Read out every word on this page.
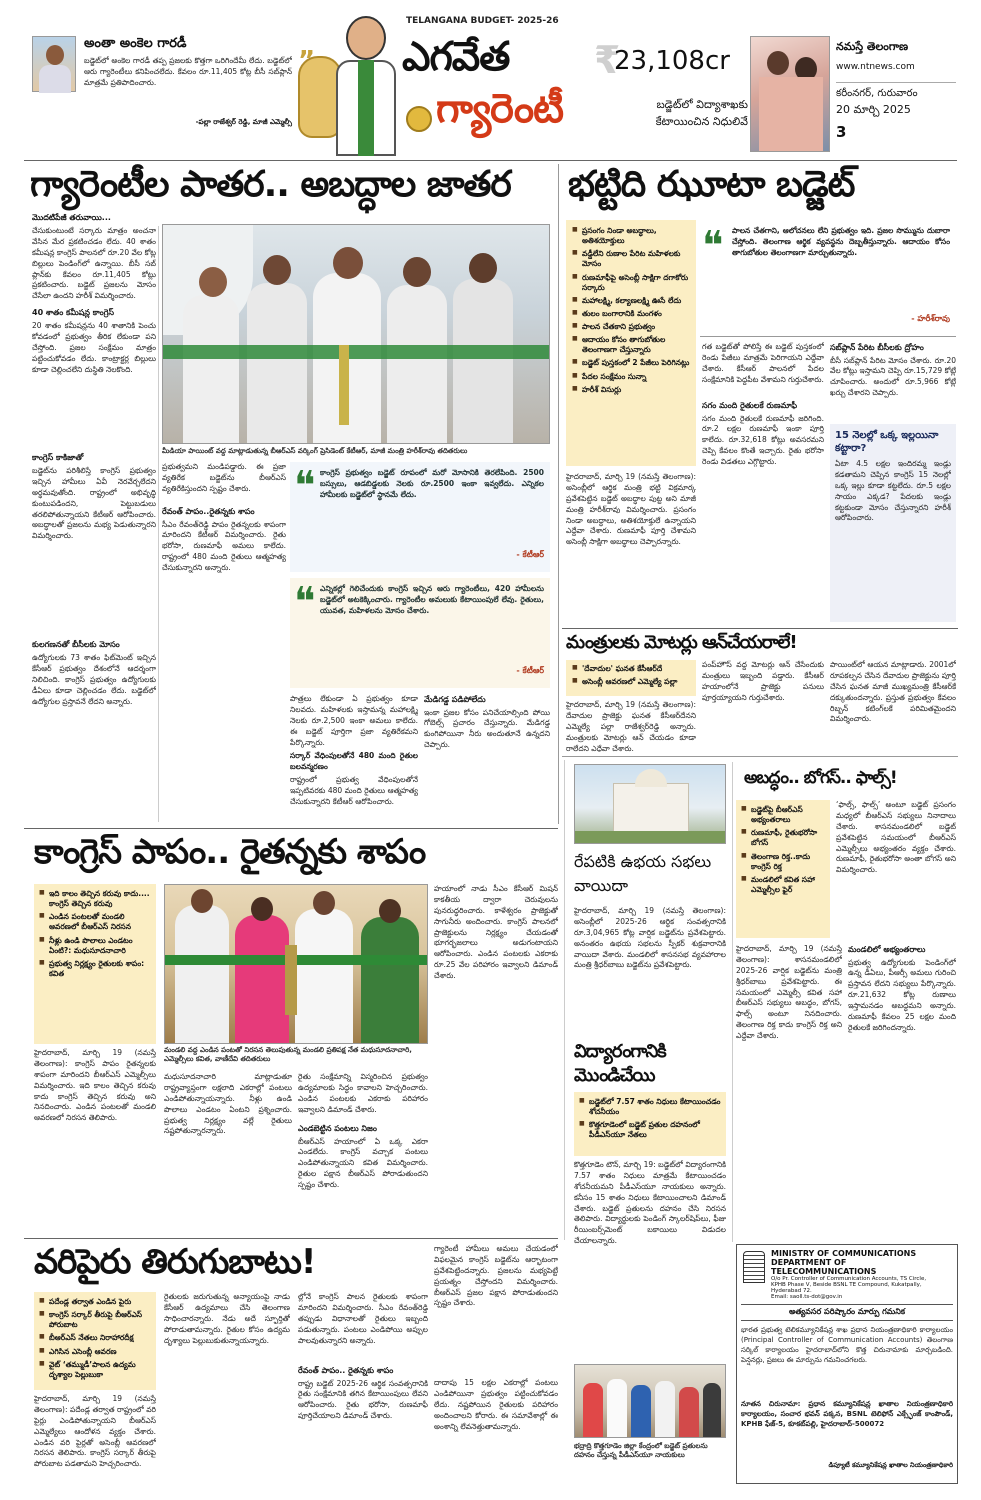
అంతా అంకెల గారడీ
బడ్జెట్‌లో అంకెల గారడీ తప్ప ప్రజలకు కొత్తగా ఒరిగిందేమీ లేదు. బడ్జెట్‌లో ఆరు గ్యారెంటీలు కనిపించలేదు. కేవలం రూ.11,405 కోట్ల బీసీ సబ్‌ప్లాన్ మాత్రమే ప్రతిపాదించారు.
-పల్లా రాజేశ్వర్ రెడ్డి, మాజీ ఎమ్మెల్సీ
”
TELANGANA BUDGET- 2025-26
ఎగవేత
గ్యారెంటీ
₹
23,108cr
బడ్జెట్‌లో విద్యాశాఖకు కేటాయించిన నిధులివే
నమస్తే తెలంగాణ
www.ntnews.com
కరీంనగర్, గురువారం
20 మార్చి 2025
3
గ్యారెంటీల పాతర.. అబద్ధాల జాతర
మొదటిపేజీ తరువాయి...
చేసుకుంటుంటే సర్కారు మాత్రం అంచనా వేసిన మేర ప్రకటించడం లేదు. 40 శాతం కమీషన్ల కాంగ్రెస్ పాలనలో రూ.20 వేల కోట్ల బిల్లులు పెండింగ్‌లో ఉన్నాయి. బీసీ సబ్ ప్లాన్‌కు కేవలం రూ.11,405 కోట్లు ప్రకటించారు. బడ్జెట్ ప్రజలను మోసం చేసేలా ఉందని హరీశ్ విమర్శించారు.
40 శాతం కమీషన్ల కాంగ్రెస్
20 శాతం కమీషన్లను 40 శాతానికి పెంచు కోవడంలో ప్రభుత్వం తీరిక లేకుండా పని చేస్తోంది. ప్రజల సంక్షేమం మాత్రం పట్టించుకోవడం లేదు. కాంట్రాక్టర్ల బిల్లులు కూడా చెల్లించలేని దుస్థితి నెలకొంది.
కాంగ్రెస్ కాకిజాతో
బడ్జెట్‌ను పరిశీలిస్తే కాంగ్రెస్ ప్రభుత్వం ఇచ్చిన హామీలు ఏవీ నెరవేర్చలేదని అర్థమవుతోంది. రాష్ట్రంలో అభివృద్ధి కుంటుపడిందని, పెట్టుబడులు తరలిపోతున్నాయని కేటీఆర్ ఆరోపించారు. అబద్ధాలతో ప్రజలను మభ్య పెడుతున్నారని విమర్శించారు.
కులగణనతో బీసీలకు మోసం
ఉద్యోగులకు 73 శాతం ఫిట్‌మెంట్ ఇచ్చిన కేసీఆర్ ప్రభుత్వం దేశంలోనే ఆదర్శంగా నిలిచింది. కాంగ్రెస్ ప్రభుత్వం ఉద్యోగులకు డీఏలు కూడా చెల్లించడం లేదు. బడ్జెట్‌లో ఉద్యోగుల ప్రస్తావనే లేదని అన్నారు.
మీడియా పాయింట్ వద్ద మాట్లాడుతున్న బీఆర్‌ఎస్ వర్కింగ్ ప్రెసిడెంట్ కేటీఆర్, మాజీ మంత్రి హరీశ్‌రావు తదితరులు
ప్రభుత్వమని మండిపడ్డారు. ఈ ప్రజా వ్యతిరేక బడ్జెట్‌ను బీఆర్‌ఎస్ వ్యతిరేకిస్తుందని స్పష్టం చేశారు.
రేవంత్ పాపం..రైతన్నకు శాపం
సీఎం రేవంత్‌రెడ్డి పాపం రైతన్నలకు శాపంగా మారిందని కేటీఆర్ విమర్శించారు. రైతు భరోసా, రుణమాఫీ అమలు కాలేదు. రాష్ట్రంలో 480 మంది రైతులు ఆత్మహత్య చేసుకున్నారని అన్నారు.
❝ కాంగ్రెస్ ప్రభుత్వం బడ్జెట్ రూపంలో మరో మోసానికి తెరలేపింది. 2500 బస్సులు, ఆడబిడ్డలకు నెలకు రూ.2500 ఇంకా ఇవ్వలేదు. ఎన్నికల హామీలకు బడ్జెట్‌లో స్థానమే లేదు.
- కేటీఆర్
❝ ఎన్నికల్లో గెలిచేందుకు కాంగ్రెస్ ఇచ్చిన ఆరు గ్యారెంటీలు, 420 హామీలను బడ్జెట్‌లో అటకెక్కించారు. గ్యారెంటీల అమలుకు కేటాయింపులే లేవు. రైతులు, యువత, మహిళలను మోసం చేశారు.
- కేటీఆర్
పాత్రలు లేకుండా ఏ ప్రభుత్వం కూడా నిలవదు. మహిళలకు ఇస్తామన్న మహాలక్ష్మి నెలకు రూ.2,500 ఇంకా అమలు కాలేదు. ఈ బడ్జెట్ పూర్తిగా ప్రజా వ్యతిరేకమని పేర్కొన్నారు.
సర్కార్ వేధింపులతోనే 480 మంది రైతుల బలవన్మరణం
రాష్ట్రంలో ప్రభుత్వ వేధింపులతోనే ఇప్పటివరకు 480 మంది రైతులు ఆత్మహత్య చేసుకున్నారని కేటీఆర్ ఆరోపించారు.
మేడిగడ్డ పడిపోలేదు
ఇంకా ప్రజల కోసం పనిచేయాల్సింది పోయి గోబెల్స్ ప్రచారం చేస్తున్నారు. మేడిగడ్డ కుంగిపోయినా నీరు అందుతూనే ఉన్నదని చెప్పారు.
భట్టిది ఝూటా బడ్జెట్
■ ప్రసంగం నిండా అబద్ధాలు, అతిశయోక్తులు
■ వడ్డీలేని రుణాల పేరిట మహిళలకు మోసం
■ రుణమాఫీపై అసెంబ్లీ సాక్షిగా దగాకోరు సర్కారు
■ మహాలక్ష్మి, కల్యాణలక్ష్మి ఊసే లేదు
■ తులం బంగారానికి మంగళం
■ పాలన చేతకాని ప్రభుత్వం
■ ఆదాయం కోసం తాగుబోతుల తెలంగాణగా చేస్తున్నారు
■ బడ్జెట్ పుస్తకంలో 2 పేజీలు పెరిగినట్లు
■ పేదల సంక్షేమం సున్నా
■ హరీశ్ విసుర్లు
❝ పాలన చేతగాని, ఆలోచనలు లేని ప్రభుత్వం ఇది. ప్రజల సొమ్మును దుబారా చేస్తోంది. తెలంగాణ ఆర్థిక వ్యవస్థను దెబ్బతీస్తున్నారు. ఆదాయం కోసం తాగుబోతుల తెలంగాణగా మార్చుతున్నారు.
- హరీశ్‌రావు
హైదరాబాద్, మార్చి 19 (నమస్తే తెలంగాణ): అసెంబ్లీలో ఆర్థిక మంత్రి భట్టి విక్రమార్క ప్రవేశపెట్టిన బడ్జెట్ అబద్ధాల పుట్ట అని మాజీ మంత్రి హరీశ్‌రావు విమర్శించారు. ప్రసంగం నిండా అబద్ధాలు, అతిశయోక్తులే ఉన్నాయని ఎద్దేవా చేశారు. రుణమాఫీ పూర్తి చేశామని అసెంబ్లీ సాక్షిగా అబద్ధాలు చెప్పారన్నారు.
గత బడ్జెట్‌తో పోలిస్తే ఈ బడ్జెట్ పుస్తకంలో రెండు పేజీలు మాత్రమే పెరిగాయని ఎద్దేవా చేశారు. కేసీఆర్ పాలనలో పేదల సంక్షేమానికి పెద్దపీట వేశామని గుర్తుచేశారు.
సగం మంది రైతులకే రుణమాఫీ
సగం మంది రైతులకే రుణమాఫీ జరిగింది. రూ.2 లక్షల రుణమాఫీ ఇంకా పూర్తి కాలేదు. రూ.32,618 కోట్లు అవసరమని చెప్పి కేవలం కొంతే ఇచ్చారు. రైతు భరోసా రెండు విడతలు ఎగ్గొట్టారు.
సబ్‌ప్లాన్ పేరిట బీసీలకు ద్రోహం
బీసీ సబ్‌ప్లాన్ పేరిట మోసం చేశారు. రూ.20 వేల కోట్లు ఇస్తామని చెప్పి రూ.15,729 కోట్లే చూపించారు. అందులో రూ.5,966 కోట్లే ఖర్చు చేశారని చెప్పారు.
15 నెలల్లో ఒక్క ఇల్లయినా కట్టారా?
ఏటా 4.5 లక్షల ఇందిరమ్మ ఇండ్లు కడతామని చెప్పిన కాంగ్రెస్ 15 నెలల్లో ఒక్క ఇల్లు కూడా కట్టలేదు. రూ.5 లక్షల సాయం ఎక్కడ? పేదలకు ఇండ్లు కట్టకుండా మోసం చేస్తున్నారని హరీశ్ ఆరోపించారు.
మంత్రులకు మోటర్లు ఆన్‌చేయరాలే!
■ 'దేవాదుల' ఘనత కేసీఆర్‌దే
■ అసెంబ్లీ ఆవరణలో ఎమ్మెల్యే పల్లా
హైదరాబాద్, మార్చి 19 (నమస్తే తెలంగాణ): దేవాదుల ప్రాజెక్టు ఘనత కేసీఆర్‌దేనని ఎమ్మెల్యే పల్లా రాజేశ్వర్‌రెడ్డి అన్నారు. మంత్రులకు మోటర్లు ఆన్ చేయడం కూడా రాలేదని ఎద్దేవా చేశారు.
పంప్‌హౌస్ వద్ద మోటర్లు ఆన్ చేసేందుకు మంత్రులు ఇబ్బంది పడ్డారు. కేసీఆర్ హయాంలోనే ప్రాజెక్టు పనులు పూర్తయ్యాయని గుర్తుచేశారు.
పాయింట్‌లో ఆయన మాట్లాడారు. 2001లో రూపకల్పన చేసిన దేవాదుల ప్రాజెక్టును పూర్తి చేసిన ఘనత మాజీ ముఖ్యమంత్రి కేసీఆర్‌కే దక్కుతుందన్నారు. ప్రస్తుత ప్రభుత్వం కేవలం రిబ్బన్ కటింగ్‌లకే పరిమితమైందని విమర్శించారు.
రేపటికి ఉభయ సభలు వాయిదా
హైదరాబాద్, మార్చి 19 (నమస్తే తెలంగాణ): అసెంబ్లీలో 2025-26 ఆర్థిక సంవత్సరానికి రూ.3,04,965 కోట్ల వార్షిక బడ్జెట్‌ను ప్రవేశపెట్టారు. అనంతరం ఉభయ సభలను స్పీకర్ శుక్రవారానికి వాయిదా వేశారు. మండలిలో శాసనసభ వ్యవహారాల మంత్రి శ్రీధర్‌బాబు బడ్జెట్‌ను ప్రవేశపెట్టారు.
అబద్ధం.. బోగస్.. ఫాల్స్!
■ బడ్జెట్‌పై బీఆర్‌ఎస్ అభ్యంతరాలు
■ రుణమాఫీ, రైతుభరోసా బోగస్
■ తెలంగాణ రిక్త..కాదు కాంగ్రెస్ రిక్త
■ మండలిలో కవిత సహా ఎమ్మెల్సీల ఫైర్
‘ఫాల్స్, ఫాల్స్’ అంటూ బడ్జెట్ ప్రసంగం మధ్యలో బీఆర్‌ఎస్ సభ్యులు నినాదాలు చేశారు. శాసనమండలిలో బడ్జెట్ ప్రవేశపెట్టిన సమయంలో బీఆర్‌ఎస్ ఎమ్మెల్సీలు అభ్యంతరం వ్యక్తం చేశారు. రుణమాఫీ, రైతుభరోసా అంతా బోగస్ అని విమర్శించారు.
హైదరాబాద్, మార్చి 19 (నమస్తే తెలంగాణ): శాసనమండలిలో 2025-26 వార్షిక బడ్జెట్‌ను మంత్రి శ్రీధర్‌బాబు ప్రవేశపెట్టారు. ఈ సమయంలో ఎమ్మెల్సీ కవిత సహా బీఆర్‌ఎస్ సభ్యులు అబద్ధం, బోగస్, ఫాల్స్ అంటూ నినదించారు. తెలంగాణ రిక్త కాదు కాంగ్రెస్ రిక్త అని ఎద్దేవా చేశారు.
మండలిలో అభ్యంతరాలు
ప్రభుత్వ ఉద్యోగులకు పెండింగ్‌లో ఉన్న డీఏలు, పీఆర్సీ అమలు గురించి ప్రస్తావన లేదని సభ్యులు పేర్కొన్నారు. రూ.21,632 కోట్ల రుణాలు ఇస్తామనడం అబద్ధమని అన్నారు. రుణమాఫీ కేవలం 25 లక్షల మంది రైతులకే జరిగిందన్నారు.
కాంగ్రెస్ పాపం.. రైతన్నకు శాపం
■ ఇది కాలం తెచ్చిన కరువు కాదు.... కాంగ్రెస్ తెచ్చిన కరువు
■ ఎండిన పంటలతో మండలి ఆవరణలో బీఆర్‌ఎస్ నిరసన
■ నీళ్లు ఉండి పొలాలు ఎండటం ఏంటి?: మధుసూదనాచారి
■ ప్రభుత్వ నిర్లక్ష్యం రైతులకు శాపం: కవిత
మండలి వద్ద ఎండిన పంటతో నిరసన తెలుపుతున్న మండలి ప్రతిపక్ష నేత మధుసూదనాచారి, ఎమ్మెల్సీలు కవిత, వాణీదేవి తదితరులు
హైదరాబాద్, మార్చి 19 (నమస్తే తెలంగాణ): కాంగ్రెస్ పాపం రైతన్నలకు శాపంగా మారిందని బీఆర్‌ఎస్ ఎమ్మెల్సీలు విమర్శించారు. ఇది కాలం తెచ్చిన కరువు కాదు కాంగ్రెస్ తెచ్చిన కరువు అని నినదించారు. ఎండిన పంటలతో మండలి ఆవరణలో నిరసన తెలిపారు.
మధుసూదనాచారి మాట్లాడుతూ రాష్ట్రవ్యాప్తంగా లక్షలాది ఎకరాల్లో పంటలు ఎండిపోతున్నాయన్నారు. నీళ్లు ఉండి పొలాలు ఎండటం ఏంటని ప్రశ్నించారు. ప్రభుత్వ నిర్లక్ష్యం వల్లే రైతులు నష్టపోతున్నారన్నారు.
రైతు సంక్షేమాన్ని విస్మరించిన ప్రభుత్వం ఉద్యమాలకు సిద్ధం కావాలని హెచ్చరించారు. ఎండిన పంటలకు ఎకరాకు పరిహారం ఇవ్వాలని డిమాండ్ చేశారు.
ఎండబెట్టిన పంటలు నిజం
బీఆర్‌ఎస్ హయాంలో ఏ ఒక్క ఎకరా ఎండలేదు. కాంగ్రెస్ వచ్చాక పంటలు ఎండిపోతున్నాయని కవిత విమర్శించారు. రైతుల పక్షాన బీఆర్‌ఎస్ పోరాడుతుందని స్పష్టం చేశారు.
హయాంలో నాడు సీఎం కేసీఆర్ మిషన్ కాకతీయ ద్వారా చెరువులను పునరుద్ధరించారు. కాళేశ్వరం ప్రాజెక్టుతో సాగునీరు అందించారు. కాంగ్రెస్ పాలనలో ప్రాజెక్టులను నిర్లక్ష్యం చేయడంతో భూగర్భజలాలు అడుగంటాయని ఆరోపించారు. ఎండిన పంటలకు ఎకరాకు రూ.25 వేల పరిహారం ఇవ్వాలని డిమాండ్ చేశారు.
విద్యారంగానికి మొండిచేయి
■ బడ్జెట్‌లో 7.57 శాతం నిధులు కేటాయించడం శోచనీయం
■ కొత్తగూడెంలో బడ్జెట్ ప్రతుల దహనంలో పీడీఎస్‌యూ నేతలు
కొత్తగూడెం టౌన్, మార్చి 19: బడ్జెట్‌లో విద్యారంగానికి 7.57 శాతం నిధులు మాత్రమే కేటాయించడం శోచనీయమని పీడీఎస్‌యూ నాయకులు అన్నారు. కనీసం 15 శాతం నిధులు కేటాయించాలని డిమాండ్ చేశారు. బడ్జెట్ ప్రతులను దహనం చేసి నిరసన తెలిపారు. విద్యార్థులకు పెండింగ్ స్కాలర్‌షిప్‌లు, ఫీజు రీయింబర్స్‌మెంట్ బకాయిలు విడుదల చేయాలన్నారు.
భద్రాద్రి కొత్తగూడెం జిల్లా కేంద్రంలో బడ్జెట్ ప్రతులను దహనం చేస్తున్న పీడీఎస్‌యూ నాయకులు
వరిపైరు తిరుగుబాటు!
■ పదేండ్ల తర్వాత ఎండిన పైరు
■ కాంగ్రెస్ సర్కార్ తీరుపై బీఆర్‌ఎస్ పోరుబాట
■ బీఆర్‌ఎస్ నేతలు నిరాహారదీక్ష
■ ఎగిసిన ఎసెంబ్లీ ఆవరణ
■ వైట్ ‘తమ్ముడీ’పాలన ఉద్యమ దృశ్యాల పెల్లుబుకా
హైదరాబాద్, మార్చి 19 (నమస్తే తెలంగాణ): పదేండ్ల తర్వాత రాష్ట్రంలో వరి పైర్లు ఎండిపోతున్నాయని బీఆర్‌ఎస్ ఎమ్మెల్యేలు ఆందోళన వ్యక్తం చేశారు. ఎండిన వరి పైర్లతో అసెంబ్లీ ఆవరణలో నిరసన తెలిపారు. కాంగ్రెస్ సర్కార్ తీరుపై పోరుబాట పడతామని హెచ్చరించారు.
రైతులకు జరుగుతున్న అన్యాయంపై నాడు కేసీఆర్ ఉద్యమాలు చేసి తెలంగాణ సాధించారన్నారు. నేడు అదే స్ఫూర్తితో పోరాడుతామన్నారు. రైతుల కోసం ఉద్యమ దృశ్యాలు పెల్లుబుకుతున్నాయన్నారు.
ల్లోనే కాంగ్రెస్ పాలన రైతులకు శాపంగా మారిందని విమర్శించారు. సీఎం రేవంత్‌రెడ్డి తప్పుడు విధానాలతో రైతులు ఇబ్బంది పడుతున్నారు. పంటలు ఎండిపోయి అప్పుల పాలవుతున్నారని అన్నారు.
రేవంత్ పాపం.. రైతన్నకు శాపం
రాష్ట్ర బడ్జెట్ 2025-26 ఆర్థిక సంవత్సరానికి రైతు సంక్షేమానికి తగిన కేటాయింపులు లేవని ఆరోపించారు. రైతు భరోసా, రుణమాఫీ పూర్తిచేయాలని డిమాండ్ చేశారు.
గ్యారెంటీ హామీలు అమలు చేయడంలో విఫలమైన కాంగ్రెస్ బడ్జెట్‌ను ఆర్భాటంగా ప్రవేశపెట్టిందన్నారు. ప్రజలను మభ్యపెట్టే ప్రయత్నం చేస్తోందని విమర్శించారు. బీఆర్‌ఎస్ ప్రజల పక్షాన పోరాడుతుందని స్పష్టం చేశారు.
దాదాపు 15 లక్షల ఎకరాల్లో పంటలు ఎండిపోయినా ప్రభుత్వం పట్టించుకోవడం లేదు. నష్టపోయిన రైతులకు పరిహారం అందించాలని కోరారు. ఈ సమావేశాల్లో ఈ అంశాన్ని లేవనెత్తుతామన్నారు.
MINISTRY OF COMMUNICATIONS
DEPARTMENT OF TELECOMMUNICATIONS
O/o Pr. Controller of Communication Accounts, TS Circle,
KPHB Phase V, Beside BSNL TE Compound, Kukatpally, Hyderabad 72.
Email: saoll.ts-dot@gov.in
అత్యవసర పరిష్కారం మార్పు గమనిక
భారత ప్రభుత్వ టెలికమ్యూనికేషన్ల శాఖ ప్రధాన నియంత్రణాధికారి కార్యాలయం (Principal Controller of Communication Accounts) తెలంగాణ సర్కిల్ కార్యాలయం హైదరాబాద్‌లోని కొత్త చిరునామాకు మార్చబడింది. పెన్షనర్లు, ప్రజలు ఈ మార్పును గమనించగలరు.
నూతన చిరునామా: ప్రధాన కమ్యూనికేషన్ల ఖాతాల నియంత్రణాధికారి కార్యాలయం, సంచార భవన్ పక్కన, BSNL టెలిఫోన్ ఎక్స్ఛేంజ్ కాంపౌండ్, KPHB ఫేజ్-5, కూకట్‌పల్లి, హైదరాబాద్-500072
డిప్యూటీ కమ్యూనికేషన్ల ఖాతాల నియంత్రణాధికారి
